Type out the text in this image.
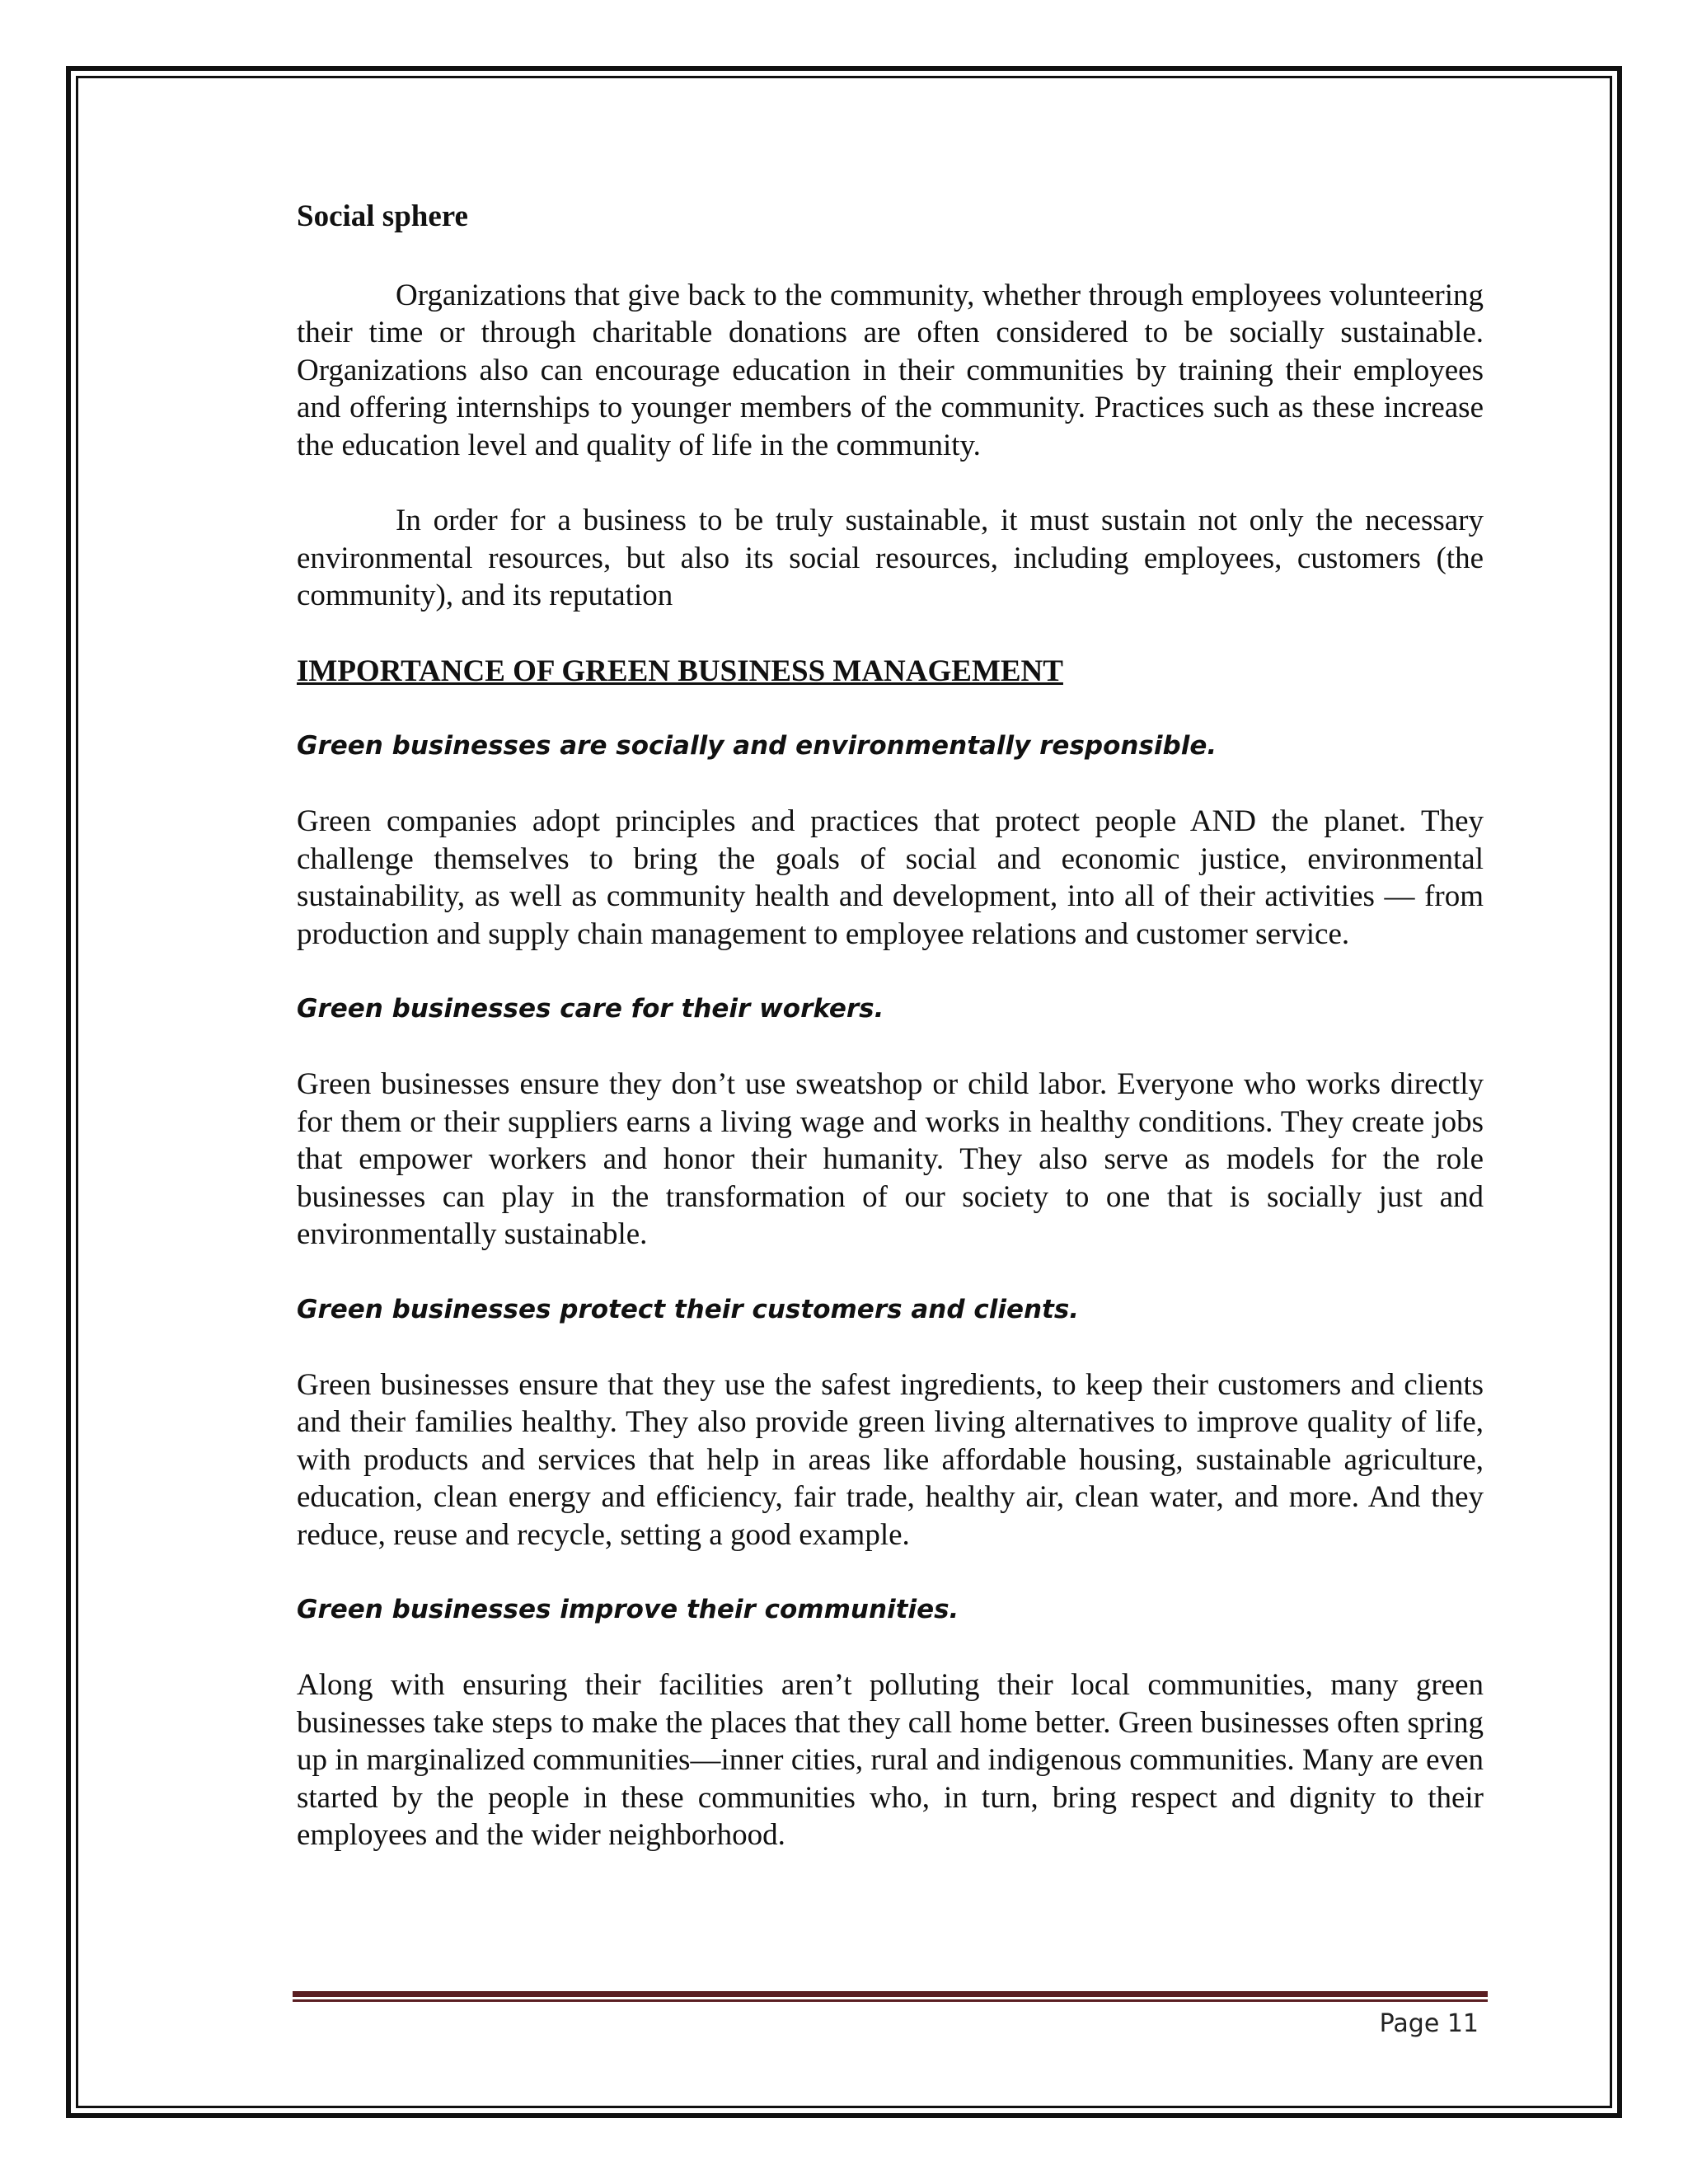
Social sphere

Organizations that give back to the community, whether through employees volunteering their time or through charitable donations are often considered to be socially sustainable. Organizations also can encourage education in their communities by training their employees and offering internships to younger members of the community. Practices such as these increase the education level and quality of life in the community.

In order for a business to be truly sustainable, it must sustain not only the necessary environmental resources, but also its social resources, including employees, customers (the community), and its reputation

IMPORTANCE OF GREEN BUSINESS MANAGEMENT

Green businesses are socially and environmentally responsible.

Green companies adopt principles and practices that protect people AND the planet. They challenge themselves to bring the goals of social and economic justice, environmental sustainability, as well as community health and development, into all of their activities — from production and supply chain management to employee relations and customer service.

Green businesses care for their workers.

Green businesses ensure they don’t use sweatshop or child labor. Everyone who works directly for them or their suppliers earns a living wage and works in healthy conditions. They create jobs that empower workers and honor their humanity. They also serve as models for the role businesses can play in the transformation of our society to one that is socially just and environmentally sustainable.

Green businesses protect their customers and clients.

Green businesses ensure that they use the safest ingredients, to keep their customers and clients and their families healthy. They also provide green living alternatives to improve quality of life, with products and services that help in areas like affordable housing, sustainable agriculture, education, clean energy and efficiency, fair trade, healthy air, clean water, and more. And they reduce, reuse and recycle, setting a good example.

Green businesses improve their communities.

Along with ensuring their facilities aren’t polluting their local communities, many green businesses take steps to make the places that they call home better. Green businesses often spring up in marginalized communities—inner cities, rural and indigenous communities. Many are even started by the people in these communities who, in turn, bring respect and dignity to their employees and the wider neighborhood.

Page 11
